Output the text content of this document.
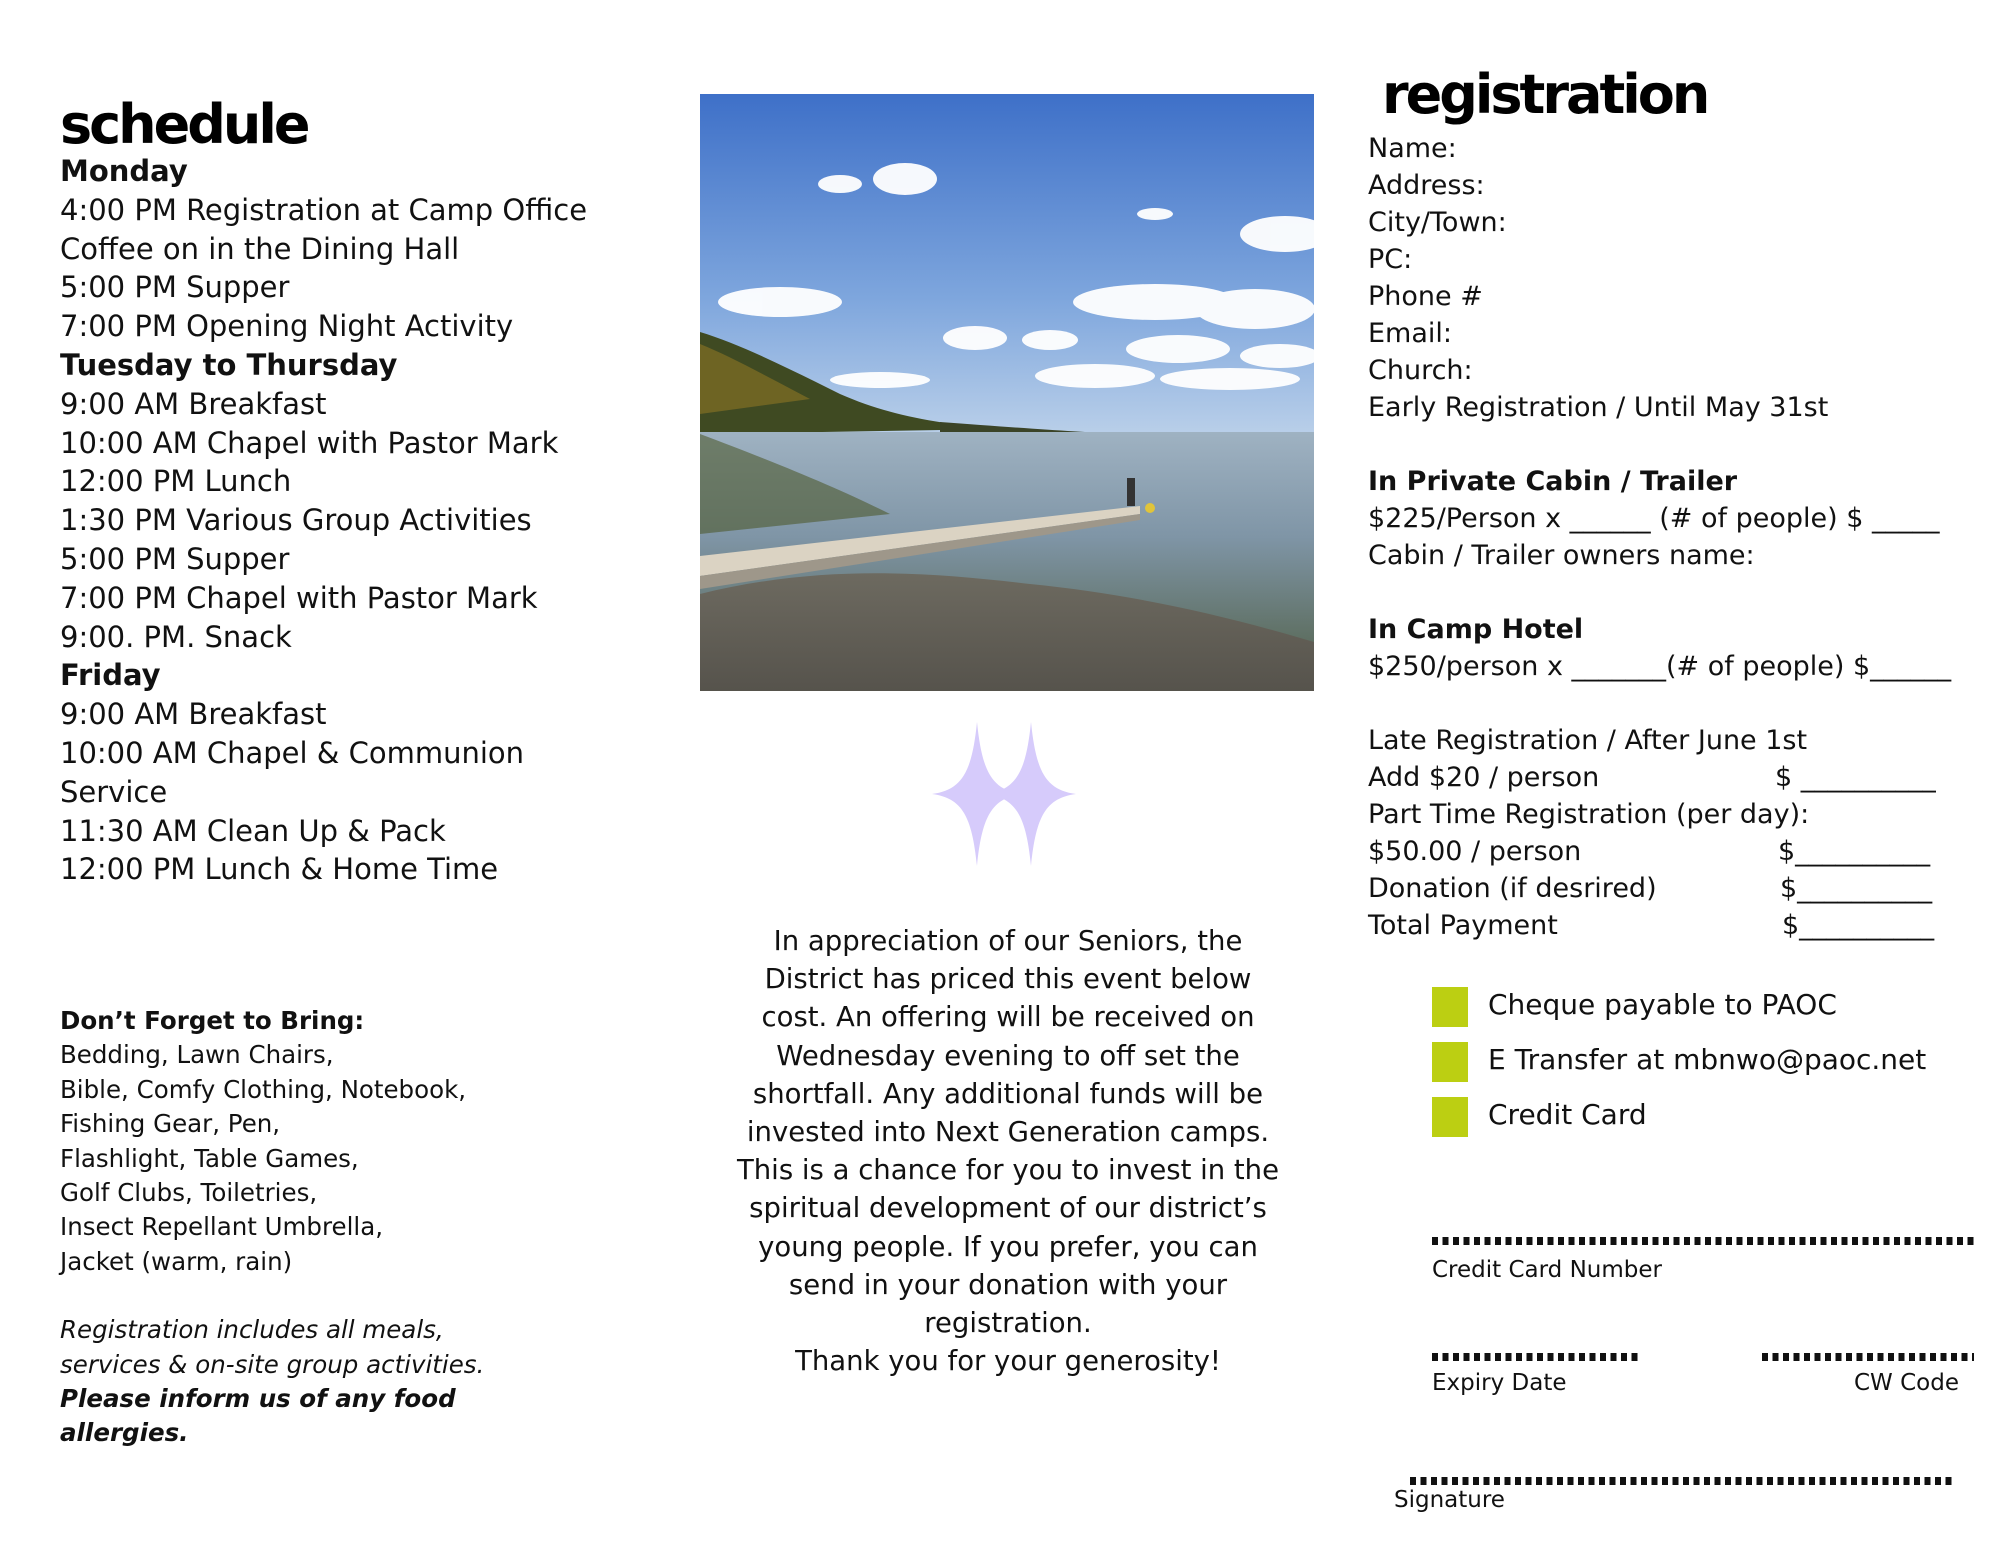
schedule
Monday
4:00 PM Registration at Camp Office
Coffee on in the Dining Hall
5:00 PM Supper
7:00 PM Opening Night Activity
Tuesday to Thursday
9:00 AM Breakfast
10:00 AM Chapel with Pastor Mark
12:00 PM Lunch
1:30 PM Various Group Activities
5:00 PM Supper
7:00 PM Chapel with Pastor Mark
9:00. PM. Snack
Friday
9:00 AM Breakfast
10:00 AM Chapel & Communion
Service
11:30 AM Clean Up & Pack
12:00 PM Lunch & Home Time
Don’t Forget to Bring:
Bedding, Lawn Chairs,
Bible, Comfy Clothing, Notebook,
Fishing Gear, Pen,
Flashlight, Table Games,
Golf Clubs, Toiletries,
Insect Repellant Umbrella,
Jacket (warm, rain)
Registration includes all meals,
services & on-site group activities.
Please inform us of any food
allergies.
In appreciation of our Seniors, the
District has priced this event below
cost. An offering will be received on
Wednesday evening to off set the
shortfall. Any additional funds will be
invested into Next Generation camps.
This is a chance for you to invest in the
spiritual development of our district’s
young people. If you prefer, you can
send in your donation with your
registration.
Thank you for your generosity!
registration
Name:
Address:
City/Town:
PC:
Phone #
Email:
Church:
Early Registration / Until May 31st
In Private Cabin / Trailer
$225/Person x ______ (# of people) $ _____
Cabin / Trailer owners name:
In Camp Hotel
$250/person x _______(# of people) $______
Late Registration / After June 1st
Add $20 / person	$ __________
Part Time Registration (per day):
$50.00 / person	$__________
Donation (if desrired)	$__________
Total Payment	$__________
Cheque payable to PAOC
E Transfer at mbnwo@paoc.net
Credit Card
Credit Card Number
Expiry Date	CW Code
Signature
